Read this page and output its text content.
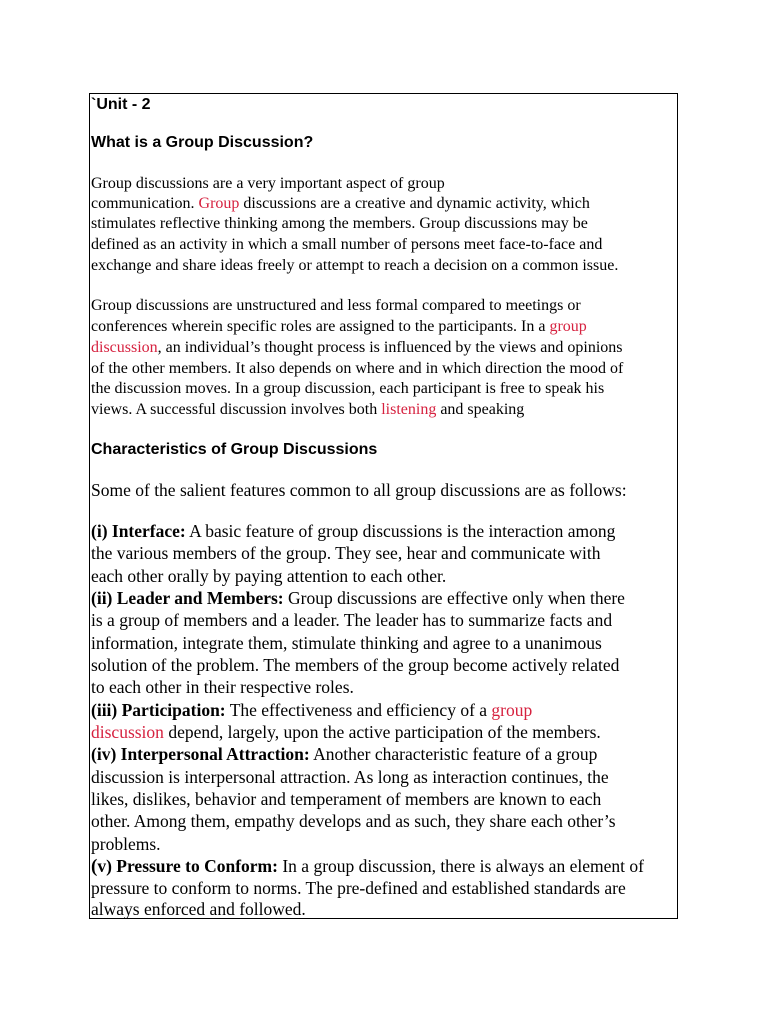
`Unit - 2
What is a Group Discussion?
Group discussions are a very important aspect of group
communication. Group discussions are a creative and dynamic activity, which
stimulates reflective thinking among the members. Group discussions may be
defined as an activity in which a small number of persons meet face-to-face and
exchange and share ideas freely or attempt to reach a decision on a common issue.
Group discussions are unstructured and less formal compared to meetings or
conferences wherein specific roles are assigned to the participants. In a group
discussion, an individual’s thought process is influenced by the views and opinions
of the other members. It also depends on where and in which direction the mood of
the discussion moves. In a group discussion, each participant is free to speak his
views. A successful discussion involves both listening and speaking
Characteristics of Group Discussions
Some of the salient features common to all group discussions are as follows:
(i) Interface: A basic feature of group discussions is the interaction among
the various members of the group. They see, hear and communicate with
each other orally by paying attention to each other.
(ii) Leader and Members: Group discussions are effective only when there
is a group of members and a leader. The leader has to summarize facts and
information, integrate them, stimulate thinking and agree to a unanimous
solution of the problem. The members of the group become actively related
to each other in their respective roles.
(iii) Participation: The effectiveness and efficiency of a group
discussion depend, largely, upon the active participation of the members.
(iv) Interpersonal Attraction: Another characteristic feature of a group
discussion is interpersonal attraction. As long as interaction continues, the
likes, dislikes, behavior and temperament of members are known to each
other. Among them, empathy develops and as such, they share each other’s
problems.
(v) Pressure to Conform: In a group discussion, there is always an element of
pressure to conform to norms. The pre-defined and established standards are
always enforced and followed.
